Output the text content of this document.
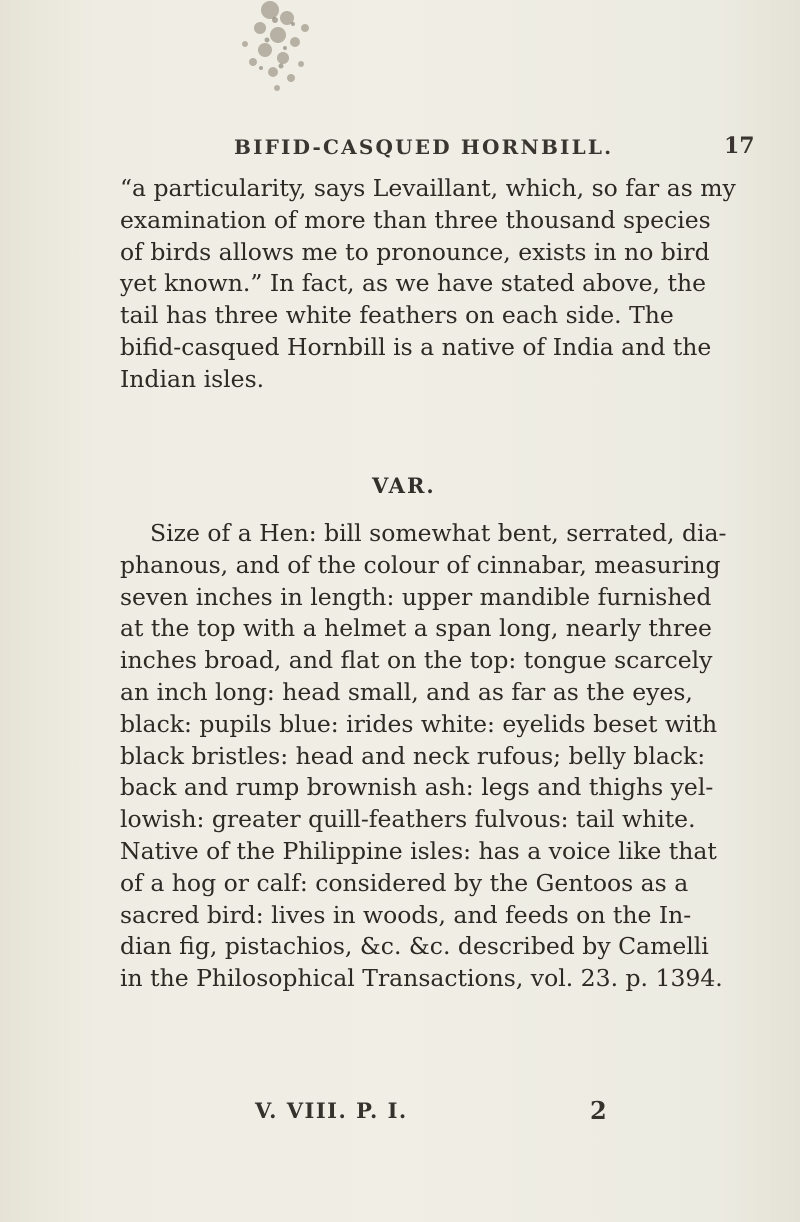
BIFID-CASQUED HORNBILL.	17
“a particularity, says Levaillant, which, so far as my
examination of more than three thousand species
of birds allows me to pronounce, exists in no bird
yet known.” In fact, as we have stated above, the
tail has three white feathers on each side. The
bifid-casqued Hornbill is a native of India and the
Indian isles.
VAR.
Size of a Hen: bill somewhat bent, serrated, dia-
phanous, and of the colour of cinnabar, measuring
seven inches in length: upper mandible furnished
at the top with a helmet a span long, nearly three
inches broad, and flat on the top: tongue scarcely
an inch long: head small, and as far as the eyes,
black: pupils blue: irides white: eyelids beset with
black bristles: head and neck rufous; belly black:
back and rump brownish ash: legs and thighs yel-
lowish: greater quill-feathers fulvous: tail white.
Native of the Philippine isles: has a voice like that
of a hog or calf: considered by the Gentoos as a
sacred bird: lives in woods, and feeds on the In-
dian fig, pistachios, &c. &c. described by Camelli
in the Philosophical Transactions, vol. 23. p. 1394.
V. VIII. P. I.	2
